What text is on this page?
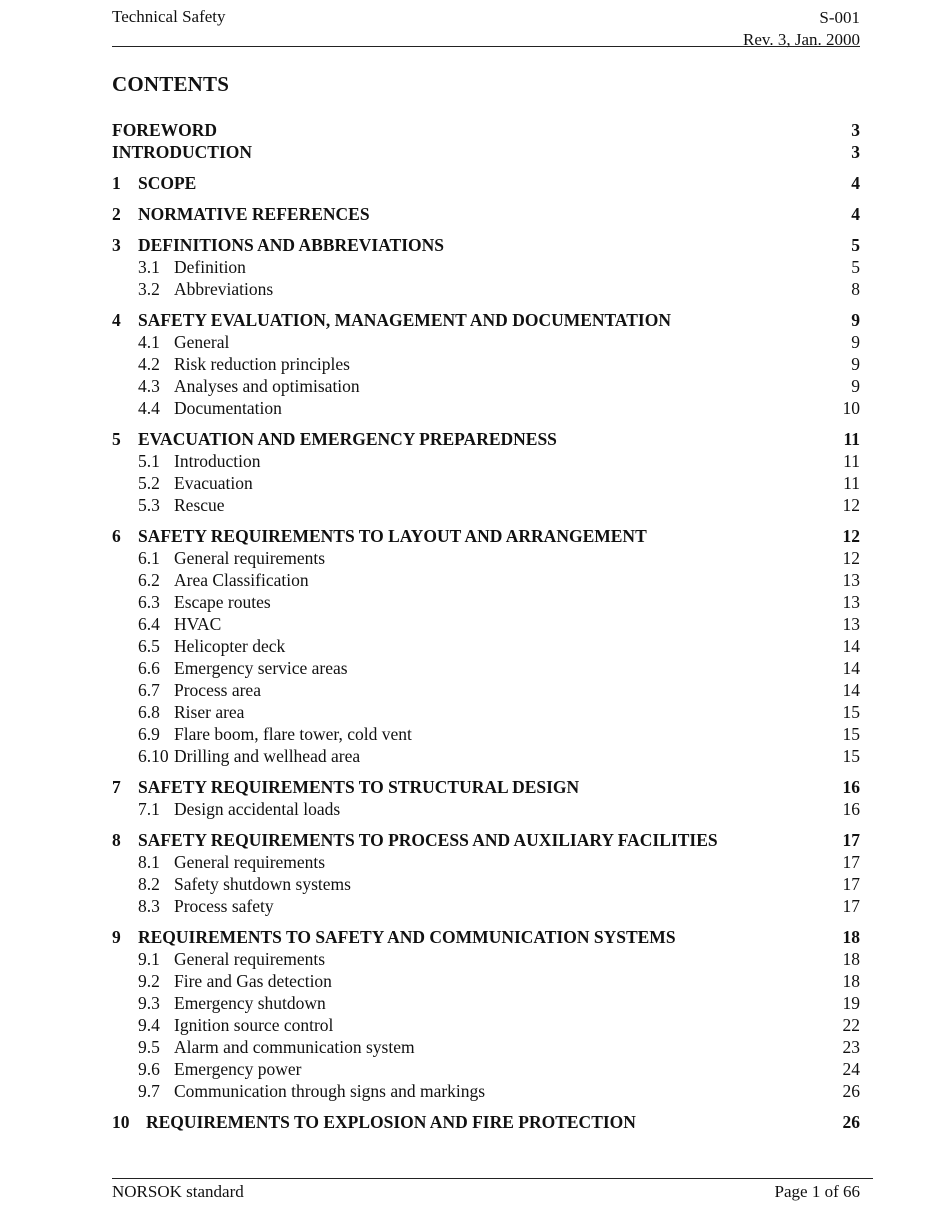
Technical Safety	S-001
Rev. 3, Jan. 2000
CONTENTS
FOREWORD	3
INTRODUCTION	3
1 SCOPE	4
2 NORMATIVE REFERENCES	4
3 DEFINITIONS AND ABBREVIATIONS	5
3.1 Definition	5
3.2 Abbreviations	8
4 SAFETY EVALUATION, MANAGEMENT AND DOCUMENTATION	9
4.1 General	9
4.2 Risk reduction principles	9
4.3 Analyses and optimisation	9
4.4 Documentation	10
5 EVACUATION AND EMERGENCY PREPAREDNESS	11
5.1 Introduction	11
5.2 Evacuation	11
5.3 Rescue	12
6 SAFETY REQUIREMENTS TO LAYOUT AND ARRANGEMENT	12
6.1 General requirements	12
6.2 Area Classification	13
6.3 Escape routes	13
6.4 HVAC	13
6.5 Helicopter deck	14
6.6 Emergency service areas	14
6.7 Process area	14
6.8 Riser area	15
6.9 Flare boom, flare tower, cold vent	15
6.10 Drilling and wellhead area	15
7 SAFETY REQUIREMENTS TO STRUCTURAL DESIGN	16
7.1 Design accidental loads	16
8 SAFETY REQUIREMENTS TO PROCESS AND AUXILIARY FACILITIES	17
8.1 General requirements	17
8.2 Safety shutdown systems	17
8.3 Process safety	17
9 REQUIREMENTS TO SAFETY AND COMMUNICATION SYSTEMS	18
9.1 General requirements	18
9.2 Fire and Gas detection	18
9.3 Emergency shutdown	19
9.4 Ignition source control	22
9.5 Alarm and communication system	23
9.6 Emergency power	24
9.7 Communication through signs and markings	26
10 REQUIREMENTS TO EXPLOSION AND FIRE PROTECTION	26
NORSOK standard	Page 1 of 66
